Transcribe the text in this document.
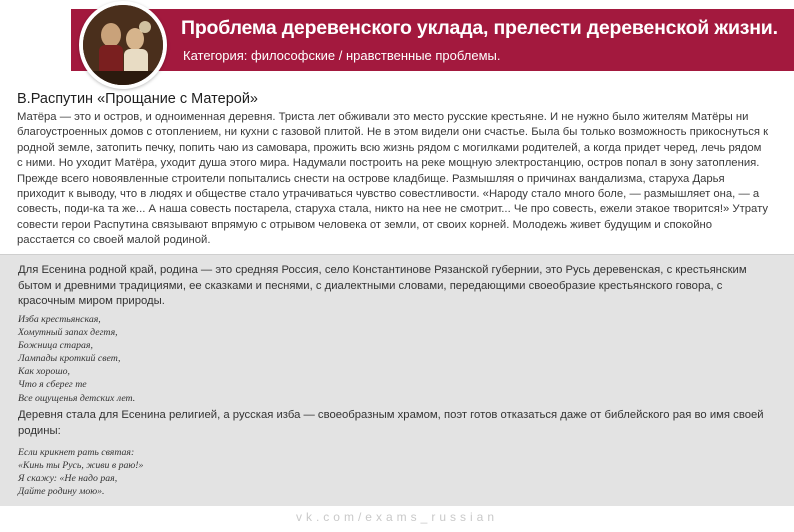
Проблема деревенского уклада, прелести деревенской жизни.
Категория: философские / нравственные проблемы.
В.Распутин «Прощание с Матерой»
Матёра — это и остров, и одноименная деревня. Триста лет обживали это место русские крестьяне. И не нужно было жителям Матёры ни
благоустроенных домов с отоплением, ни кухни с газовой плитой. Не в этом видели они счастье. Была бы только возможность прикоснуться к
родной земле, затопить печку, попить чаю из самовара, прожить всю жизнь рядом с могилками родителей, а когда придет черед, лечь рядом
с ними. Но уходит Матёра, уходит душа этого мира. Надумали построить на реке мощную электростанцию, остров попал в зону затопления.
Прежде всего новоявленные строители попытались снести на острове кладбище. Размышляя о причинах вандализма, старуха Дарья
приходит к выводу, что в людях и обществе стало утрачиваться чувство совестливости. «Народу стало много боле, — размышляет она, — а
совесть, поди-ка та же... А наша совесть постарела, старуха стала, никто на нее не смотрит... Че про совесть, ежели этакое творится!» Утрату
совести герои Распутина связывают впрямую с отрывом человека от земли, от своих корней. Молодежь живет будущим и спокойно
расстается со своей малой родиной.
Для Есенина родной край, родина — это средняя Россия, село Константинове Рязанской губернии, это Русь деревенская, с крестьянским
бытом и древними традициями, ее сказками и песнями, с диалектными словами, передающими своеобразие крестьянского говора, с
красочным миром природы.
Изба крестьянская,
Хомутный запах дегтя,
Божница старая,
Лампады кроткий свет,
Как хорошо,
Что я сберег те
Все ощущенья детских лет.
Деревня стала для Есенина религией, а русская изба — своеобразным храмом, поэт готов отказаться даже от библейского рая во имя своей
родины:
Если крикнет рать святая:
«Кинь ты Русь, живи в раю!»
Я скажу: «Не надо рая,
Дайте родину мою».
vk.com/exams_russian
